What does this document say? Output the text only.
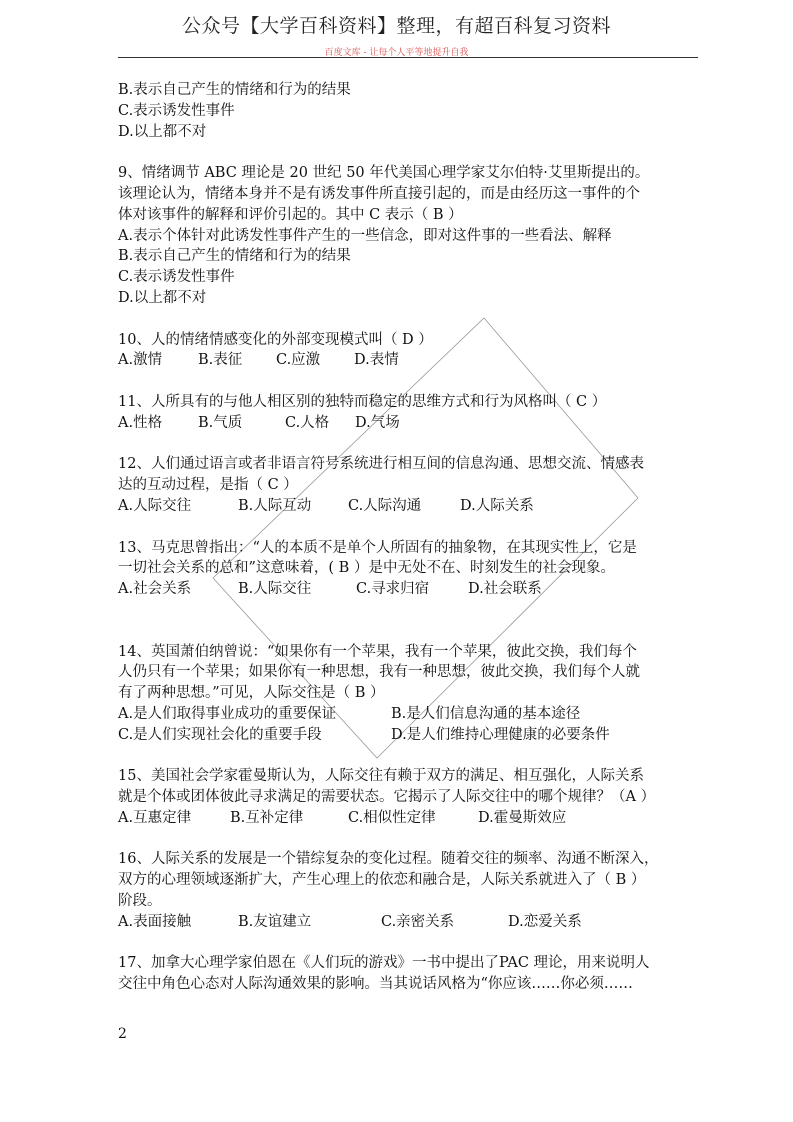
公众号【大学百科资料】整理，有超百科复习资料
百度文库 - 让每个人平等地提升自我
B.表示自己产生的情绪和行为的结果
C.表示诱发性事件
D.以上都不对
9、情绪调节 ABC 理论是 20 世纪 50 年代美国心理学家艾尔伯特·艾里斯提出的。
该理论认为，情绪本身并不是有诱发事件所直接引起的，而是由经历这一事件的个
体对该事件的解释和评价引起的。其中 C 表示（ B ）
A.表示个体针对此诱发性事件产生的一些信念，即对这件事的一些看法、解释
B.表示自己产生的情绪和行为的结果
C.表示诱发性事件
D.以上都不对
10、人的情绪情感变化的外部变现模式叫（ D ）
A.激情 B.表征 C.应激 D.表情
11、人所具有的与他人相区别的独特而稳定的思维方式和行为风格叫（ C ）
A.性格 B.气质	C.人格 D.气场
12、人们通过语言或者非语言符号系统进行相互间的信息沟通、思想交流、情感表
达的互动过程，是指（ C ）
A.人际交往	B.人际互动	C.人际沟通	D.人际关系
13、马克思曾指出：“人的本质不是单个人所固有的抽象物，在其现实性上，它是
一切社会关系的总和”这意味着，( B ）是中无处不在、时刻发生的社会现象。
A.社会关系	B.人际交往	C.寻求归宿	D.社会联系
14、英国萧伯纳曾说：“如果你有一个苹果，我有一个苹果，彼此交换，我们每个
人仍只有一个苹果；如果你有一种思想，我有一种思想，彼此交换，我们每个人就
有了两种思想。”可见，人际交往是（ B ）
A.是人们取得事业成功的重要保证	B.是人们信息沟通的基本途径
C.是人们实现社会化的重要手段	D.是人们维持心理健康的必要条件
15、美国社会学家霍曼斯认为，人际交往有赖于双方的满足、相互强化，人际关系
就是个体或团体彼此寻求满足的需要状态。它揭示了人际交往中的哪个规律？（A ）
A.互惠定律	B.互补定律	C.相似性定律	D.霍曼斯效应
16、人际关系的发展是一个错综复杂的变化过程。随着交往的频率、沟通不断深入，
双方的心理领域逐渐扩大，产生心理上的依恋和融合是，人际关系就进入了（ B ）
阶段。
A.表面接触	B.友谊建立	C.亲密关系	D.恋爱关系
17、加拿大心理学家伯恩在《人们玩的游戏》一书中提出了PAC 理论，用来说明人
交往中角色心态对人际沟通效果的影响。当其说话风格为“你应该……你必须……
2
